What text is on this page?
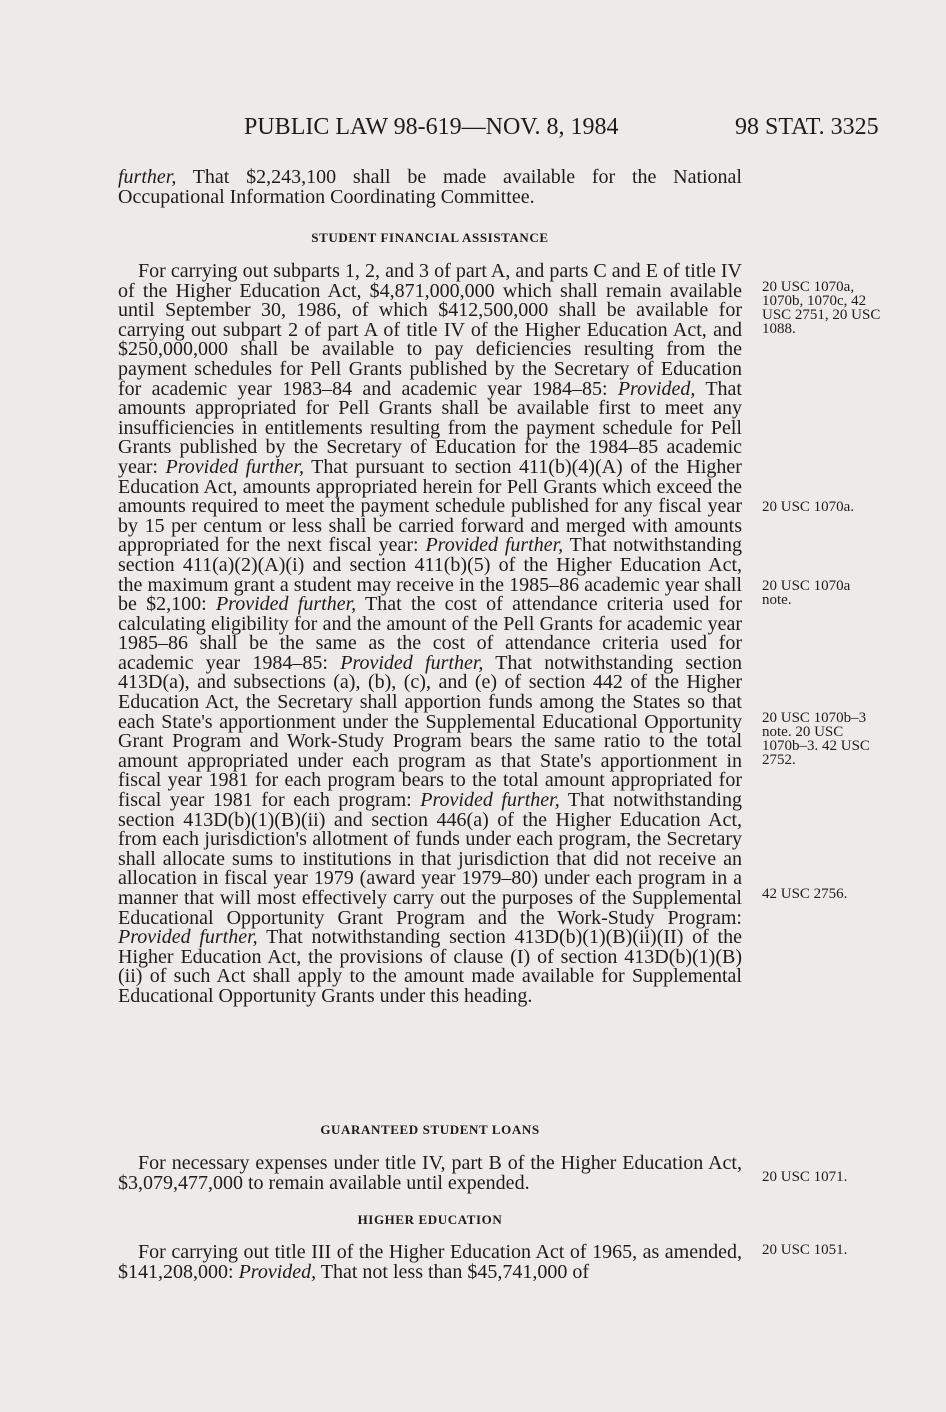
PUBLIC LAW 98-619—NOV. 8, 1984	98 STAT. 3325

further, That $2,243,100 shall be made available for the National Occupational Information Coordinating Committee.

STUDENT FINANCIAL ASSISTANCE

For carrying out subparts 1, 2, and 3 of part A, and parts C and E of title IV of the Higher Education Act, $4,871,000,000 which shall remain available until September 30, 1986, of which $412,500,000 shall be available for carrying out subpart 2 of part A of title IV of the Higher Education Act, and $250,000,000 shall be available to pay deficiencies resulting from the payment schedules for Pell Grants published by the Secretary of Education for academic year 1983–84 and academic year 1984–85: Provided, That amounts appropriated for Pell Grants shall be available first to meet any insufficiencies in entitlements resulting from the payment schedule for Pell Grants published by the Secretary of Education for the 1984–85 academic year: Provided further, That pursuant to section 411(b)(4)(A) of the Higher Education Act, amounts appropriated herein for Pell Grants which exceed the amounts required to meet the payment schedule published for any fiscal year by 15 per centum or less shall be carried forward and merged with amounts appropriated for the next fiscal year: Provided further, That notwithstanding section 411(a)(2)(A)(i) and section 411(b)(5) of the Higher Education Act, the maximum grant a student may receive in the 1985–86 academic year shall be $2,100: Provided further, That the cost of attendance criteria used for calculating eligibility for and the amount of the Pell Grants for academic year 1985–86 shall be the same as the cost of attendance criteria used for academic year 1984–85: Provided further, That notwithstanding section 413D(a), and subsections (a), (b), (c), and (e) of section 442 of the Higher Education Act, the Secretary shall apportion funds among the States so that each State's apportionment under the Supplemental Educational Opportunity Grant Program and Work-Study Program bears the same ratio to the total amount appropriated under each program as that State's apportionment in fiscal year 1981 for each program bears to the total amount appropriated for fiscal year 1981 for each program: Provided further, That notwithstanding section 413D(b)(1)(B)(ii) and section 446(a) of the Higher Education Act, from each jurisdiction's allotment of funds under each program, the Secretary shall allocate sums to institutions in that jurisdiction that did not receive an allocation in fiscal year 1979 (award year 1979–80) under each program in a manner that will most effectively carry out the purposes of the Supplemental Educational Opportunity Grant Program and the Work-Study Program: Provided further, That notwithstanding section 413D(b)(1)(B)(ii)(II) of the Higher Education Act, the provisions of clause (I) of section 413D(b)(1)(B)(ii) of such Act shall apply to the amount made available for Supplemental Educational Opportunity Grants under this heading.

GUARANTEED STUDENT LOANS

For necessary expenses under title IV, part B of the Higher Education Act, $3,079,477,000 to remain available until expended.

HIGHER EDUCATION

For carrying out title III of the Higher Education Act of 1965, as amended, $141,208,000: Provided, That not less than $45,741,000 of

20 USC 1070a, 1070b, 1070c, 42 USC 2751, 20 USC 1088.
20 USC 1070a.
20 USC 1070a note.
20 USC 1070b–3 note. 20 USC 1070b–3. 42 USC 2752.
42 USC 2756.
20 USC 1071.
20 USC 1051.
